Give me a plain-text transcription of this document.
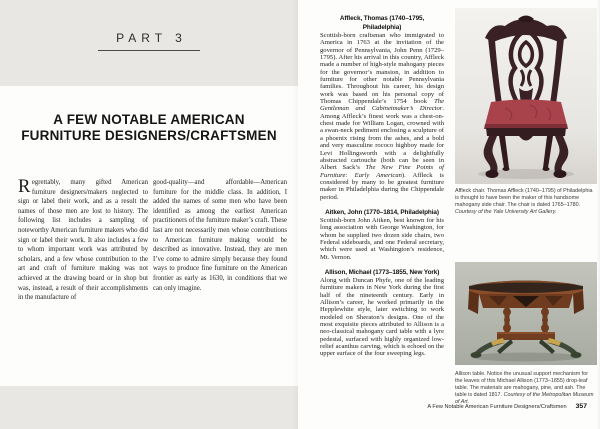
PART 3
A FEW NOTABLE AMERICAN
FURNITURE DESIGNERS/CRAFTSMEN

Regrettably, many gifted American furniture designers/makers neglected to sign or label their work, and as a result the names of those men are lost to history. The following list includes a sampling of noteworthy American furniture makers who did sign or label their work. It also includes a few to whom important work was attributed by scholars, and a few whose contribution to the art and craft of furniture making was not achieved at the drawing board or in shop but was, instead, a result of their accomplishments in the manufacture of

good-quality—and affordable—American furniture for the middle class. In addition, I added the names of some men who have been identified as among the earliest American practitioners of the furniture maker’s craft. These last are not necessarily men whose contributions to American furniture making would be described as innovative. Instead, they are men I’ve come to admire simply because they found ways to produce fine furniture on the American frontier as early as 1630, in conditions that we can only imagine.

Affleck, Thomas (1740–1795, Philadelphia)

Scottish-born craftsman who immigrated to America in 1763 at the invitation of the governor of Pennsylvania, John Penn (1729–1795). After his arrival in this country, Affleck made a number of high-style mahogany pieces for the governor’s mansion, in addition to furniture for other notable Pennsylvania families. Throughout his career, his design work was based on his personal copy of Thomas Chippendale’s 1754 book The Gentleman and Cabinetmaker’s Director. Among Affleck’s finest work was a chest-on-chest made for William Logan, crowned with a swan-neck pediment enclosing a sculpture of a phoenix rising from the ashes, and a bold and very masculine rococo highboy made for Levi Hollingsworth with a delightfully abstracted cartouche (both can be seen in Albert Sack’s The New Fine Points of Furniture: Early American). Affleck is considered by many to be greatest furniture maker in Philadelphia during the Chippendale period.

Aitken, John (1770–1814, Philadelphia)

Scottish-born John Aitken, best known for his long association with George Washington, for whom he supplied two dozen side chairs, two Federal sideboards, and one Federal secretary, which were used at Washington’s residence, Mt. Vernon.

Allison, Michael (1773–1855, New York)

Along with Duncan Phyfe, one of the leading furniture makers in New York during the first half of the nineteenth century. Early in Allison’s career, he worked primarily in the Hepplewhite style, later switching to work modeled on Sheraton’s designs. One of the most exquisite pieces attributed to Allison is a neo-classical mahogany card table with a lyre pedestal, surfaced with highly organized low-relief acanthus carving, which is echoed on the upper surface of the four sweeping legs.

Affleck chair. Thomas Affleck (1740–1795) of Philadelphia is thought to have been the maker of this handsome mahogany side chair. The chair is dated 1765–1780. Courtesy of the Yale University Art Gallery.

Allison table. Notice the unusual support mechanism for the leaves of this Michael Allison (1773–1855) drop-leaf table. The materials are mahogany, pine, and ash. The table is dated 1817. Courtesy of the Metropolitan Museum of Art.

A Few Notable American Furniture Designers/Craftsmen 357
